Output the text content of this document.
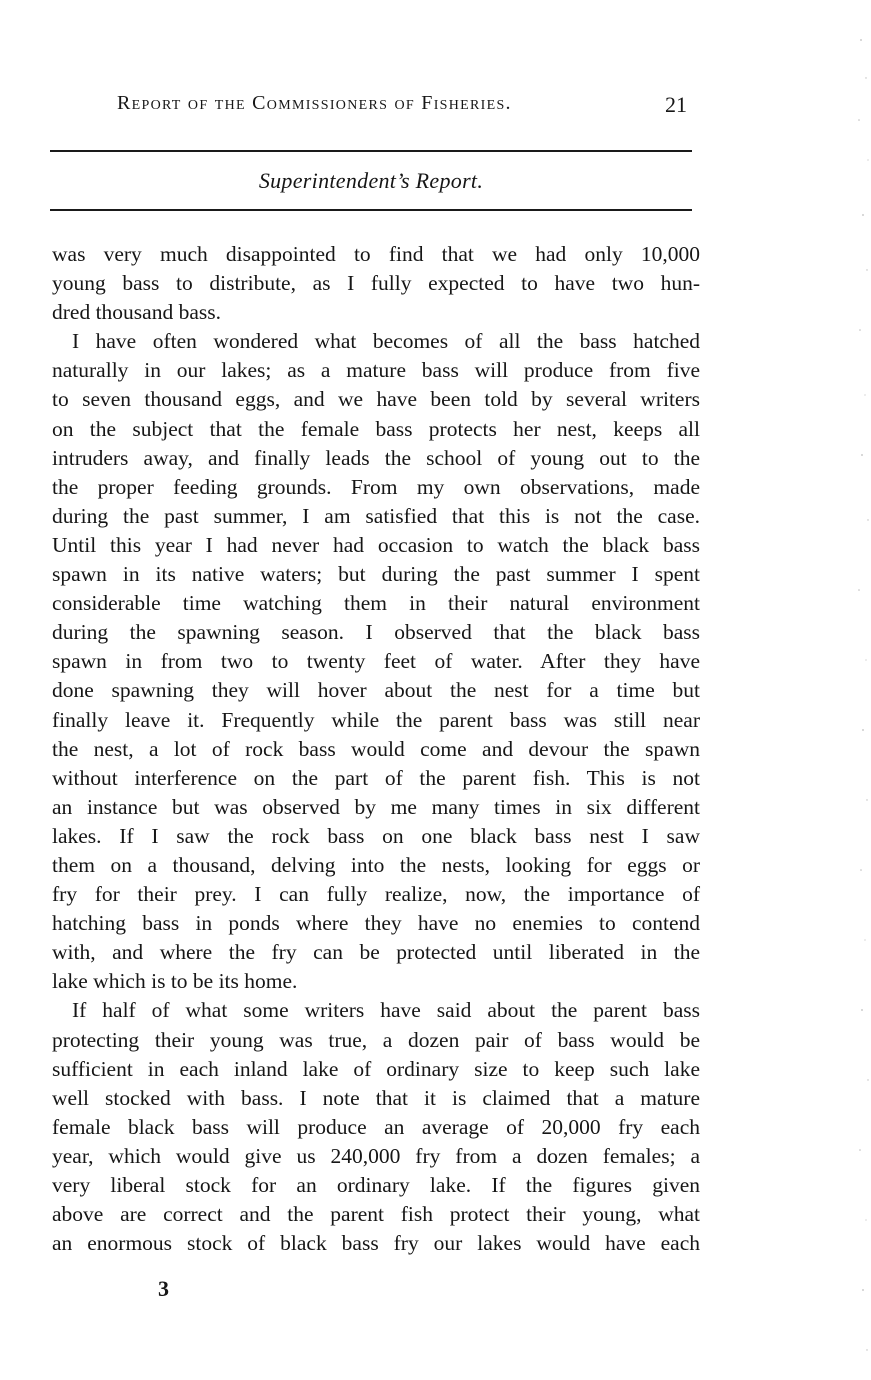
Report of the Commissioners of Fisheries.	21
Superintendent’s Report.
was very much disappointed to find that we had only 10,000
young bass to distribute, as I fully expected to have two hun-
dred thousand bass.
I have often wondered what becomes of all the bass hatched
naturally in our lakes; as a mature bass will produce from five
to seven thousand eggs, and we have been told by several writers
on the subject that the female bass protects her nest, keeps all
intruders away, and finally leads the school of young out to the
the proper feeding grounds. From my own observations, made
during the past summer, I am satisfied that this is not the case.
Until this year I had never had occasion to watch the black bass
spawn in its native waters; but during the past summer I spent
considerable time watching them in their natural environment
during the spawning season. I observed that the black bass
spawn in from two to twenty feet of water. After they have
done spawning they will hover about the nest for a time but
finally leave it. Frequently while the parent bass was still near
the nest, a lot of rock bass would come and devour the spawn
without interference on the part of the parent fish. This is not
an instance but was observed by me many times in six different
lakes. If I saw the rock bass on one black bass nest I saw
them on a thousand, delving into the nests, looking for eggs or
fry for their prey. I can fully realize, now, the importance of
hatching bass in ponds where they have no enemies to contend
with, and where the fry can be protected until liberated in the
lake which is to be its home.
If half of what some writers have said about the parent bass
protecting their young was true, a dozen pair of bass would be
sufficient in each inland lake of ordinary size to keep such lake
well stocked with bass. I note that it is claimed that a mature
female black bass will produce an average of 20,000 fry each
year, which would give us 240,000 fry from a dozen females; a
very liberal stock for an ordinary lake. If the figures given
above are correct and the parent fish protect their young, what
an enormous stock of black bass fry our lakes would have each
3
